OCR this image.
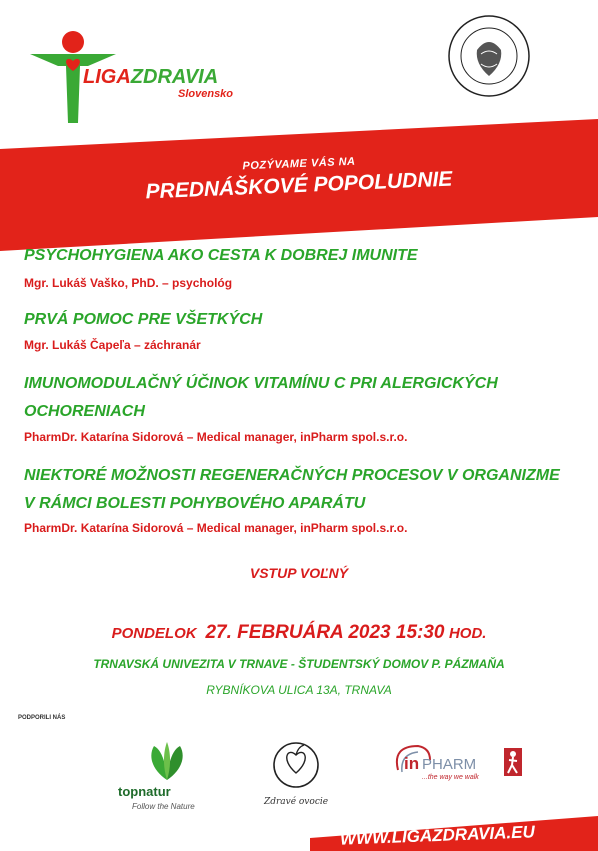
LIGAZDRAVIA
Slovensko
POZÝVAME VÁS NA
PREDNÁŠKOVÉ POPOLUDNIE
PSYCHOHYGIENA AKO CESTA K DOBREJ IMUNITE
Mgr. Lukáš Vaško, PhD. – psychológ
PRVÁ POMOC PRE VŠETKÝCH
Mgr. Lukáš Čapeľa – záchranár
IMUNOMODULAČNÝ ÚČINOK VITAMÍNU C PRI ALERGICKÝCH
OCHORENIACH
PharmDr. Katarína Sidorová – Medical manager, inPharm spol.s.r.o.
NIEKTORÉ MOŽNOSTI REGENERAČNÝCH PROCESOV V ORGANIZME
V RÁMCI BOLESTI POHYBOVÉHO APARÁTU
PharmDr. Katarína Sidorová – Medical manager, inPharm spol.s.r.o.
VSTUP VOĽNÝ
PONDELOK 27. FEBRUÁRA 2023 15:30 HOD.
TRNAVSKÁ UNIVEZITA V TRNAVE - ŠTUDENTSKÝ DOMOV P. PÁZMAŇA
RYBNÍKOVA ULICA 13A, TRNAVA
PODPORILI NÁS
topnatur
Follow the Nature	Zdravé ovocie
in PHARM
...the way we walk
WWW.LIGAZDRAVIA.EU
